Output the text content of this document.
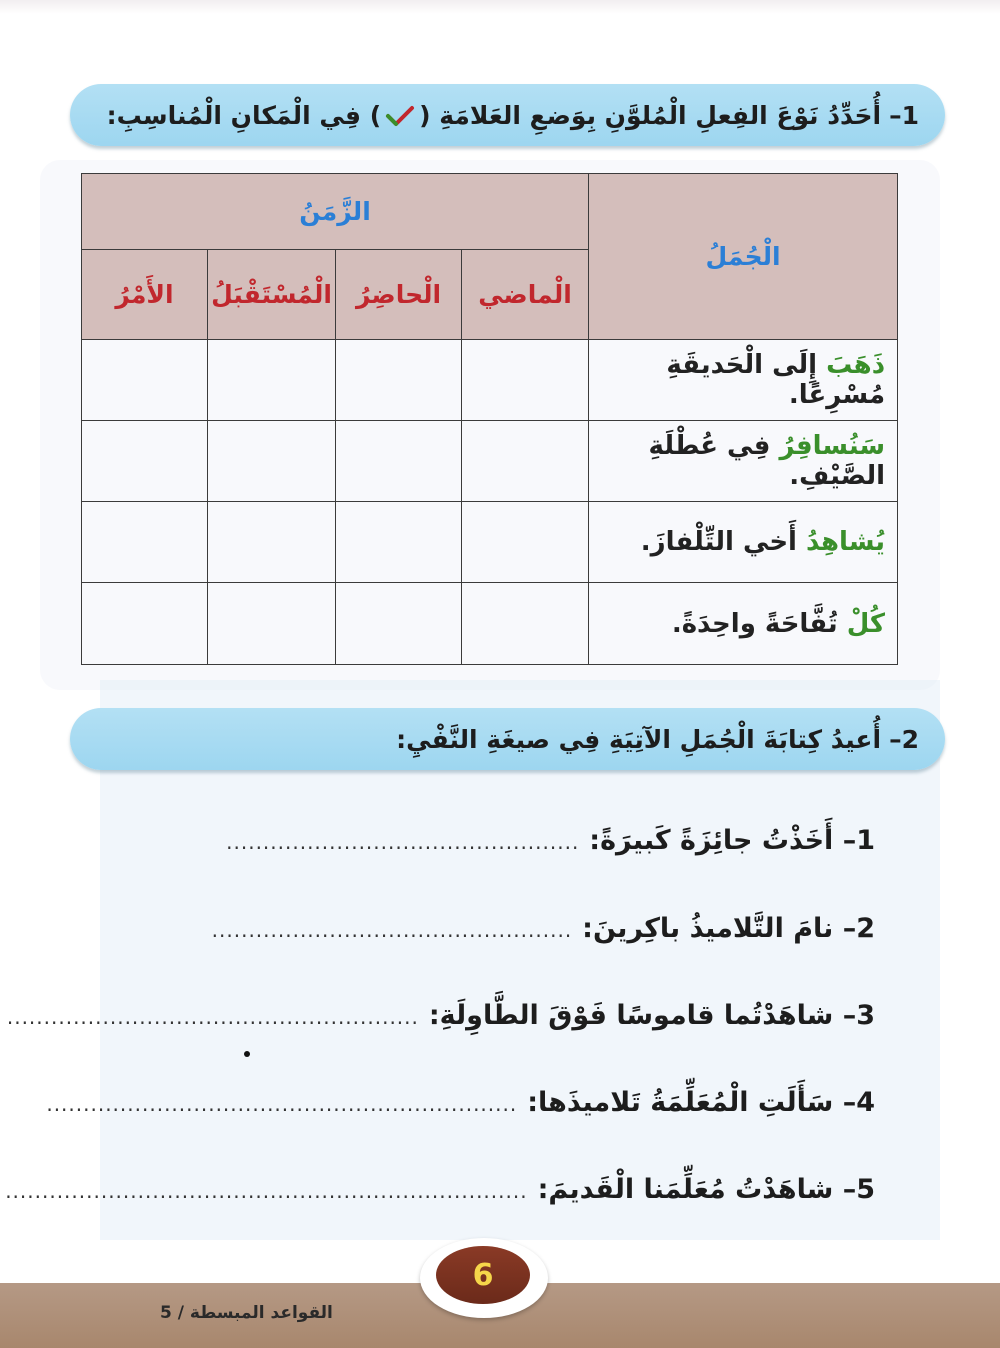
1–
أُحَدِّدُ نَوْعَ الفِعلِ الْمُلوَّنِ بِوَضعِ العَلامَةِ (
) فِي الْمَكانِ الْمُناسِبِ:
الْجُمَلُ	الزَّمَنُ			
	الْماضي	الْحاضِرُ	الْمُسْتَقْبَلُ	الأَمْرُ
ذَهَبَ إِلَى الْحَديقَةِ مُسْرِعًا.				
سَنُسافِرُ فِي عُطْلَةِ الصَّيْفِ.				
يُشاهِدُ أَخي التِّلْفازَ.				
كُلْ تُفَّاحَةً واحِدَةً.				
2–
أُعيدُ كِتابَةَ الْجُمَلِ الآتِيَةِ فِي صيغَةِ النَّفْيِ:
1–

أَخَذْتُ جائِزَةً كَبيرَةً:
................................................
2–

نامَ التَّلاميذُ باكِرينَ:
.................................................
3–

شاهَدْتُما قاموسًا فَوْقَ الطَّاوِلَةِ:
........................................................
4–

سَأَلَتِ الْمُعَلِّمَةُ تَلاميذَها:
................................................................
5–

شاهَدْتُ مُعَلِّمَنا الْقَديمَ:
.......................................................................
6
القواعد المبسطة / 5
